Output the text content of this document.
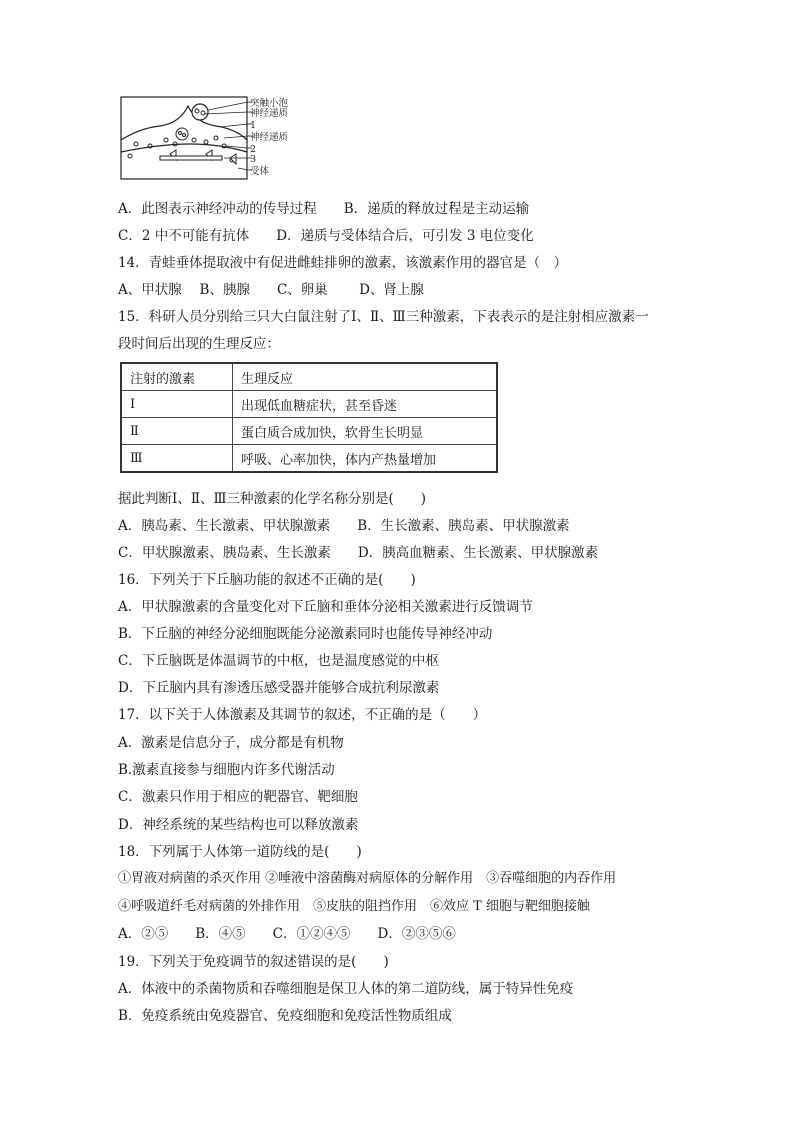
突触小泡
神经递质
1
神经递质
2
3
受体
A．此图表示神经冲动的传导过程　　B．递质的释放过程是主动运输
C．2 中不可能有抗体　　D．递质与受体结合后，可引发 3 电位变化
14．青蛙垂体提取液中有促进雌蛙排卵的激素，该激素作用的器官是（　）
A、甲状腺　 B、胰腺　　C、卵巢　　 D、肾上腺
15．科研人员分别给三只大白鼠注射了Ⅰ、Ⅱ、Ⅲ三种激素，下表表示的是注射相应激素一
段时间后出现的生理反应：
注射的激素	生理反应
Ⅰ	出现低血糖症状，甚至昏迷
Ⅱ	蛋白质合成加快，软骨生长明显
Ⅲ	呼吸、心率加快，体内产热量增加
据此判断Ⅰ、Ⅱ、Ⅲ三种激素的化学名称分别是(　　)
A．胰岛素、生长激素、甲状腺激素　　B．生长激素、胰岛素、甲状腺激素
C．甲状腺激素、胰岛素、生长激素　　D．胰高血糖素、生长激素、甲状腺激素
16．下列关于下丘脑功能的叙述不正确的是(　　)
A．甲状腺激素的含量变化对下丘脑和垂体分泌相关激素进行反馈调节
B．下丘脑的神经分泌细胞既能分泌激素同时也能传导神经冲动
C．下丘脑既是体温调节的中枢，也是温度感觉的中枢
D．下丘脑内具有渗透压感受器并能够合成抗利尿激素
17．以下关于人体激素及其调节的叙述，不正确的是（　　）
A．激素是信息分子，成分都是有机物
B.激素直接参与细胞内许多代谢活动
C．激素只作用于相应的靶器官、靶细胞
D．神经系统的某些结构也可以释放激素
18．下列属于人体第一道防线的是(　　)
①胃液对病菌的杀灭作用 ②唾液中溶菌酶对病原体的分解作用　③吞噬细胞的内吞作用
④呼吸道纤毛对病菌的外排作用　⑤皮肤的阻挡作用　⑥效应 T 细胞与靶细胞接触
A．②⑤　　B．④⑤　　C．①②④⑤　　D．②③⑤⑥
19．下列关于免疫调节的叙述错误的是(　　)
A．体液中的杀菌物质和吞噬细胞是保卫人体的第二道防线，属于特异性免疫
B．免疫系统由免疫器官、免疫细胞和免疫活性物质组成
